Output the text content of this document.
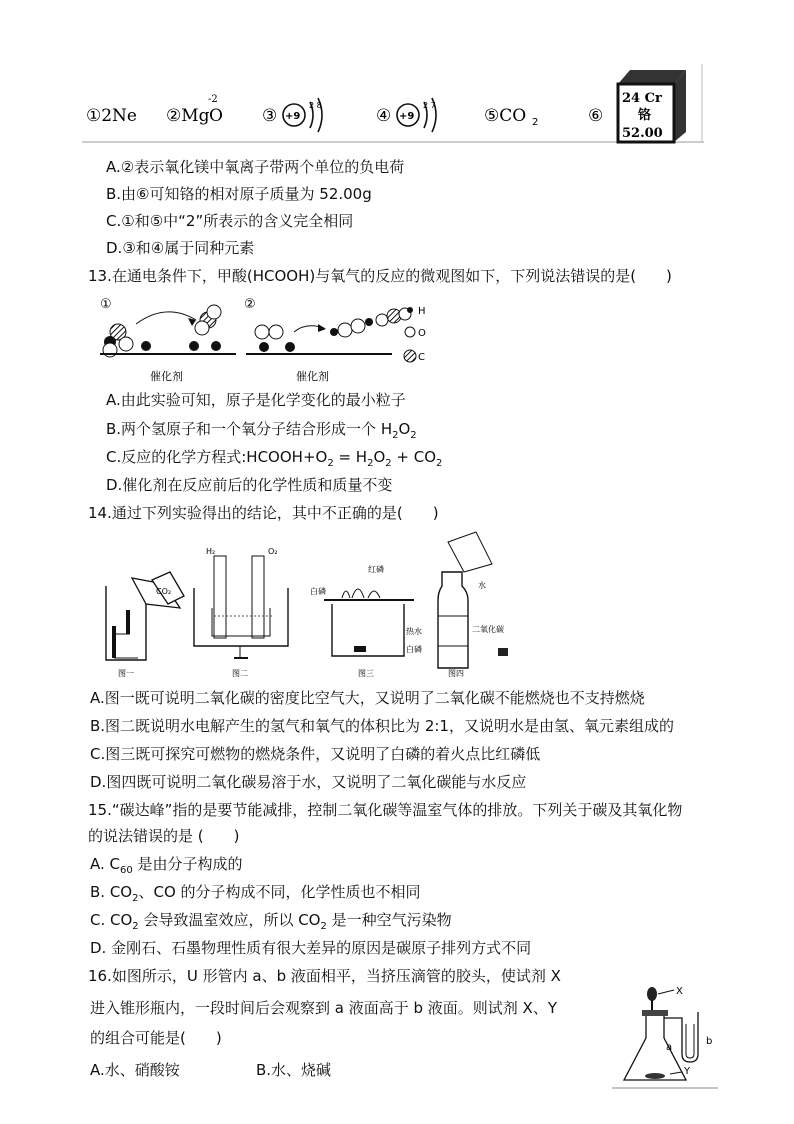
①2Ne ②Mg O
-2
③ +9
2 8
④ +9
2 7
⑤CO 2	⑥
24 Cr
铬
52.00
A.②表示氧化镁中氧离子带两个单位的负电荷
B.由⑥可知铬的相对原子质量为 52.00g
C.①和⑤中“2”所表示的含义完全相同
D.③和④属于同种元素
13.在通电条件下，甲酸(HCOOH)与氧气的反应的微观图如下，下列说法错误的是(　　)
①	②
催化剂	催化剂
H
O
C
A.由此实验可知，原子是化学变化的最小粒子
B.两个氢原子和一个氧分子结合形成一个 $H_2O_2$
C.反应的化学方程式$:HCOOH+O_2 = H_2O_2 + CO_2$
D.催化剂在反应前后的化学性质和质量不变
14.通过下列实验得出的结论，其中不正确的是(　　)
CO₂
图一
H₂	O₂
图二
白磷
红磷
热水
白磷
图三
水
二氧化碳
图四
A.图一既可说明二氧化碳的密度比空气大，又说明了二氧化碳不能燃烧也不支持燃烧
B.图二既说明水电解产生的氢气和氧气的体积比为 2:1，又说明水是由氢、氧元素组成的
C.图三既可探究可燃物的燃烧条件，又说明了白磷的着火点比红磷低
D.图四既可说明二氧化碳易溶于水，又说明了二氧化碳能与水反应
15.“碳达峰”指的是要节能减排，控制二氧化碳等温室气体的排放。下列关于碳及其氧化物
的说法错误的是 (　　)
A. $C_{60}$ 是由分子构成的
B. $CO_2$、CO 的分子构成不同，化学性质也不相同
C. $CO_2$ 会导致温室效应，所以 $CO_2$ 是一种空气污染物
D. 金刚石、石墨物理性质有很大差异的原因是碳原子排列方式不同
16.如图所示，U 形管内 a、b 液面相平，当挤压滴管的胶头，使试剂 X
进入锥形瓶内，一段时间后会观察到 a 液面高于 b 液面。则试剂 X、Y
的组合可能是(　　)
A.水、硝酸铵	B.水、烧碱
X
Y
a
b
